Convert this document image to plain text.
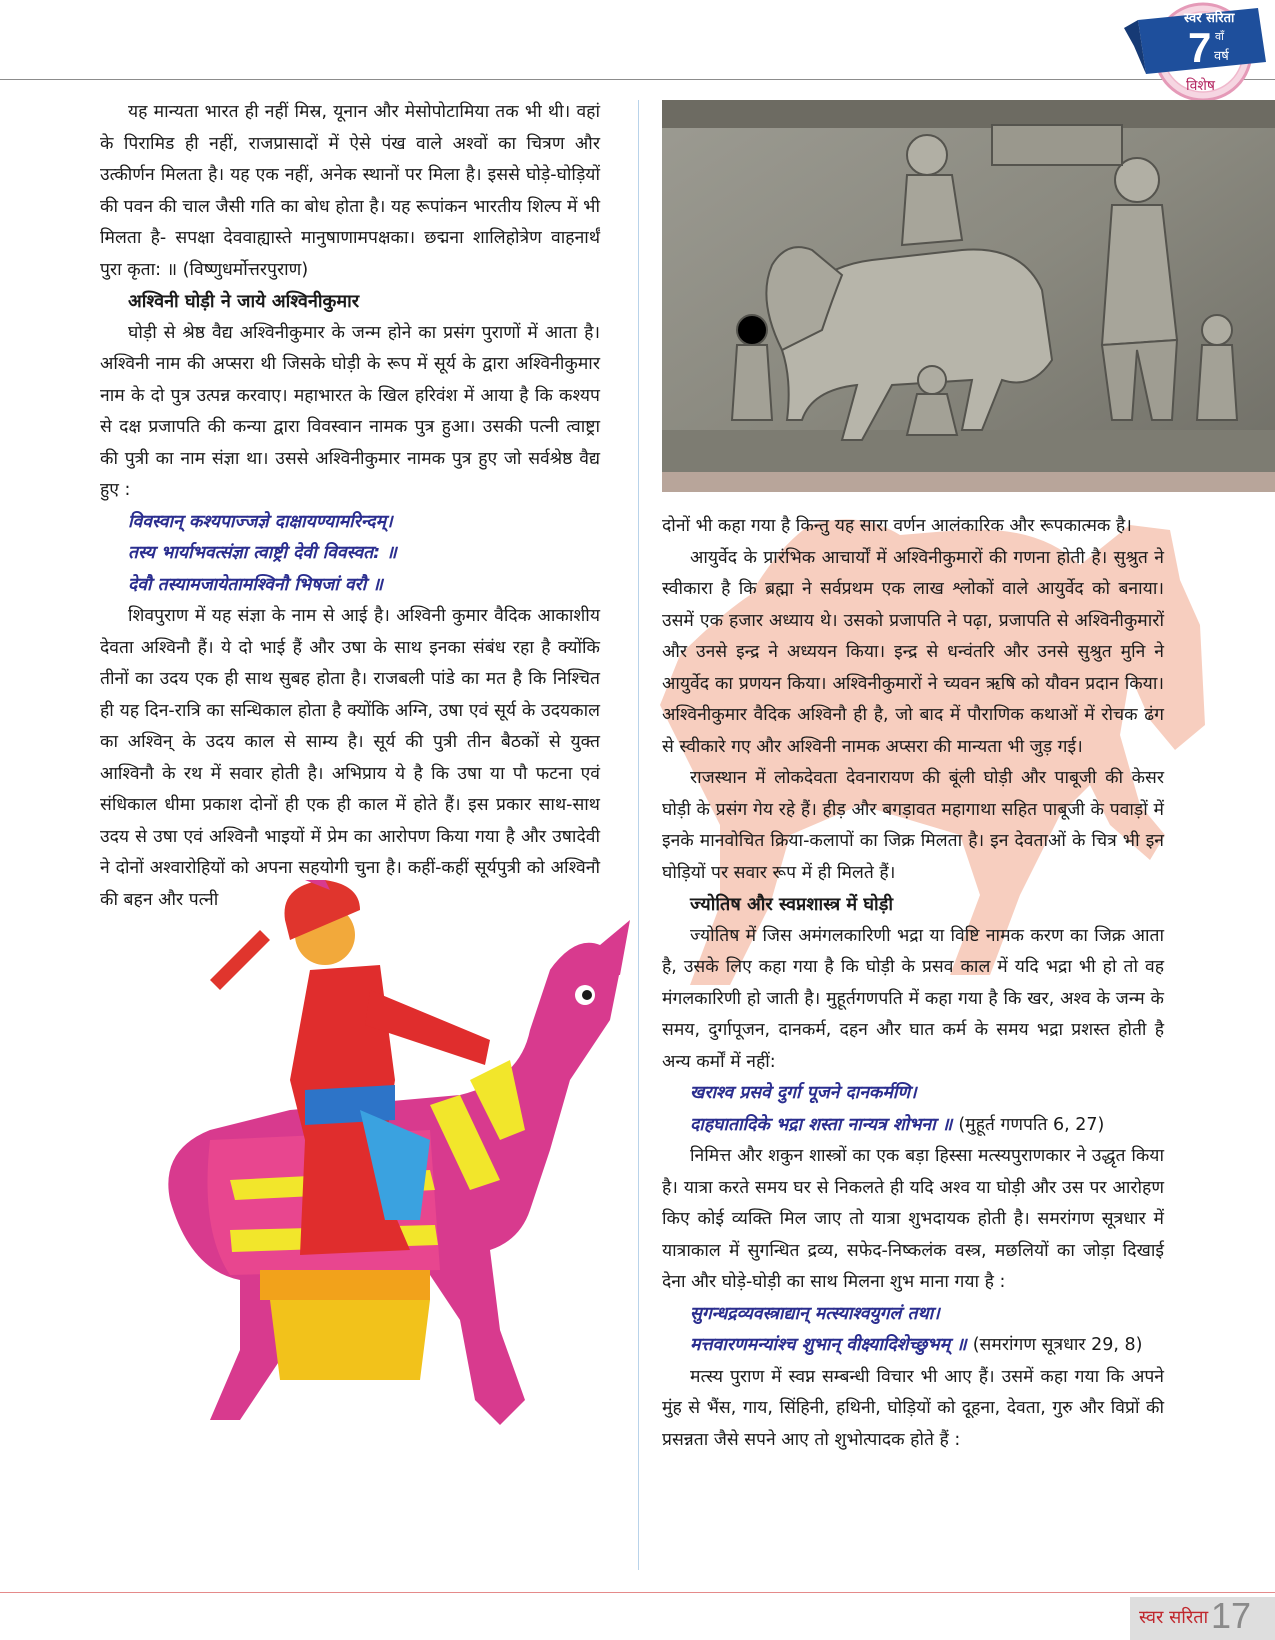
स्वर सरिता
7 वाँ
वर्ष
विशेष

यह मान्यता भारत ही नहीं मिस्र, यूनान और मेसोपोटामिया तक भी थी। वहां के पिरामिड ही नहीं, राजप्रासादों में ऐसे पंख वाले अश्वों का चित्रण और उत्कीर्णन मिलता है। यह एक नहीं, अनेक स्थानों पर मिला है। इससे घोड़े-घोड़ियों की पवन की चाल जैसी गति का बोध होता है। यह रूपांकन भारतीय शिल्प में भी मिलता है- सपक्षा देववाह्यास्ते मानुषाणामपक्षका। छद्मना शालिहोत्रेण वाहनार्थं पुरा कृता: ॥ (विष्णुधर्मोत्तरपुराण)

अश्विनी घोड़ी ने जाये अश्विनीकुमार

घोड़ी से श्रेष्ठ वैद्य अश्विनीकुमार के जन्म होने का प्रसंग पुराणों में आता है। अश्विनी नाम की अप्सरा थी जिसके घोड़ी के रूप में सूर्य के द्वारा अश्विनीकुमार नाम के दो पुत्र उत्पन्न करवाए। महाभारत के खिल हरिवंश में आया है कि कश्यप से दक्ष प्रजापति की कन्या द्वारा विवस्वान नामक पुत्र हुआ। उसकी पत्नी त्वाष्ट्रा की पुत्री का नाम संज्ञा था। उससे अश्विनीकुमार नामक पुत्र हुए जो सर्वश्रेष्ठ वैद्य हुए :

विवस्वान् कश्यपाज्जज्ञे दाक्षायण्यामरिन्दम्।
तस्य भार्याभवत्संज्ञा त्वाष्ट्री देवी विवस्वत: ॥
देवौ तस्यामजायेतामश्विनौ भिषजां वरौ ॥

शिवपुराण में यह संज्ञा के नाम से आई है। अश्विनी कुमार वैदिक आकाशीय देवता अश्विनौ हैं। ये दो भाई हैं और उषा के साथ इनका संबंध रहा है क्योंकि तीनों का उदय एक ही साथ सुबह होता है। राजबली पांडे का मत है कि निश्चित ही यह दिन-रात्रि का सन्धिकाल होता है क्योंकि अग्नि, उषा एवं सूर्य के उदयकाल का अश्विन् के उदय काल से साम्य है। सूर्य की पुत्री तीन बैठकों से युक्त आश्विनौ के रथ में सवार होती है। अभिप्राय ये है कि उषा या पौ फटना एवं संधिकाल धीमा प्रकाश दोनों ही एक ही काल में होते हैं। इस प्रकार साथ-साथ उदय से उषा एवं अश्विनौ भाइयों में प्रेम का आरोपण किया गया है और उषादेवी ने दोनों अश्वारोहियों को अपना सहयोगी चुना है। कहीं-कहीं सूर्यपुत्री को अश्विनौ की बहन और पत्नी

दोनों भी कहा गया है किन्तु यह सारा वर्णन आलंकारिक और रूपकात्मक है।

आयुर्वेद के प्रारंभिक आचार्यों में अश्विनीकुमारों की गणना होती है। सुश्रुत ने स्वीकारा है कि ब्रह्मा ने सर्वप्रथम एक लाख श्लोकों वाले आयुर्वेद को बनाया। उसमें एक हजार अध्याय थे। उसको प्रजापति ने पढ़ा, प्रजापति से अश्विनीकुमारों और उनसे इन्द्र ने अध्ययन किया। इन्द्र से धन्वंतरि और उनसे सुश्रुत मुनि ने आयुर्वेद का प्रणयन किया। अश्विनीकुमारों ने च्यवन ऋषि को यौवन प्रदान किया। अश्विनीकुमार वैदिक अश्विनौ ही है, जो बाद में पौराणिक कथाओं में रोचक ढंग से स्वीकारे गए और अश्विनी नामक अप्सरा की मान्यता भी जुड़ गई।

राजस्थान में लोकदेवता देवनारायण की बूंली घोड़ी और पाबूजी की केसर घोड़ी के प्रसंग गेय रहे हैं। हीड़ और बगड़ावत महागाथा सहित पाबूजी के पवाड़ों में इनके मानवोचित क्रिया-कलापों का जिक्र मिलता है। इन देवताओं के चित्र भी इन घोड़ियों पर सवार रूप में ही मिलते हैं।

ज्योतिष और स्वप्नशास्त्र में घोड़ी

ज्योतिष में जिस अमंगलकारिणी भद्रा या विष्टि नामक करण का जिक्र आता है, उसके लिए कहा गया है कि घोड़ी के प्रसव काल में यदि भद्रा भी हो तो वह मंगलकारिणी हो जाती है। मुहूर्तगणपति में कहा गया है कि खर, अश्व के जन्म के समय, दुर्गापूजन, दानकर्म, दहन और घात कर्म के समय भद्रा प्रशस्त होती है अन्य कर्मों में नहीं:

खराश्व प्रसवे दुर्गा पूजने दानकर्मणि।
दाहघातादिके भद्रा शस्ता नान्यत्र शोभना ॥ (मुहूर्त गणपति 6, 27)

निमित्त और शकुन शास्त्रों का एक बड़ा हिस्सा मत्स्यपुराणकार ने उद्धृत किया है। यात्रा करते समय घर से निकलते ही यदि अश्व या घोड़ी और उस पर आरोहण किए कोई व्यक्ति मिल जाए तो यात्रा शुभदायक होती है। समरांगण सूत्रधार में यात्राकाल में सुगन्धित द्रव्य, सफेद-निष्कलंक वस्त्र, मछलियों का जोड़ा दिखाई देना और घोड़े-घोड़ी का साथ मिलना शुभ माना गया है :

सुगन्धद्रव्यवस्त्राद्यान् मत्स्याश्वयुगलं तथा।
मत्तवारणमन्यांश्च शुभान् वीक्ष्यादिशेच्छुभम् ॥ (समरांगण सूत्रधार 29, 8)

मत्स्य पुराण में स्वप्न सम्बन्धी विचार भी आए हैं। उसमें कहा गया कि अपने मुंह से भैंस, गाय, सिंहिनी, हथिनी, घोड़ियों को दूहना, देवता, गुरु और विप्रों की प्रसन्नता जैसे सपने आए तो शुभोत्पादक होते हैं :

स्वर सरिता 17
